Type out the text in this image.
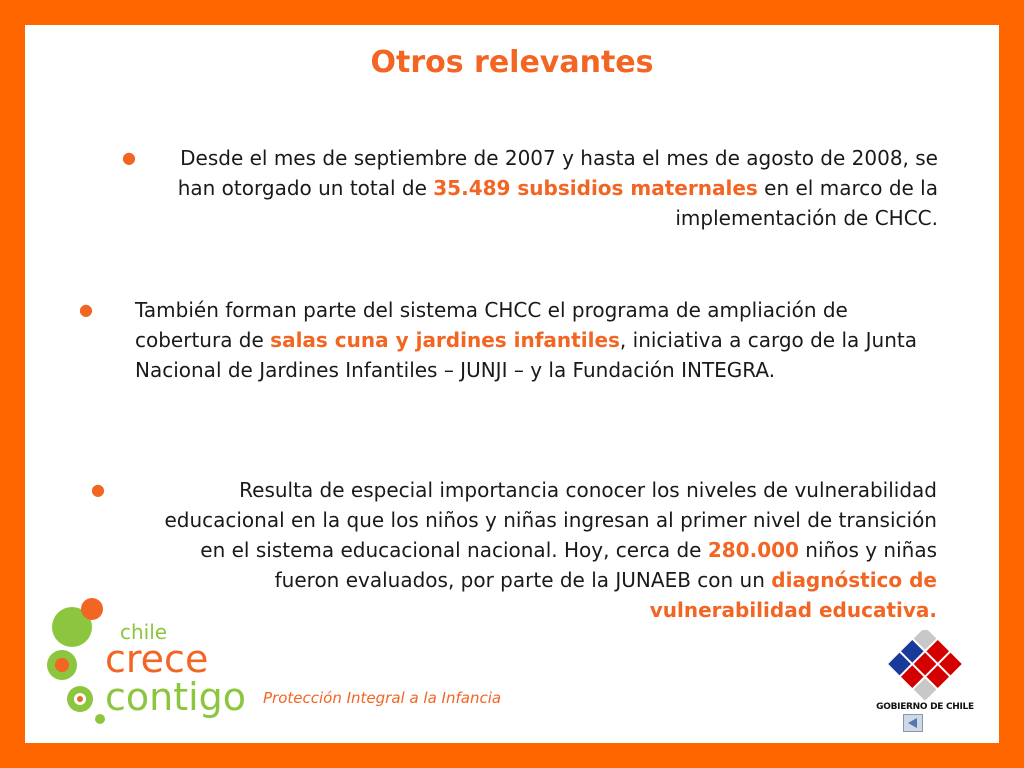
Otros relevantes

● Desde el mes de septiembre de 2007 y hasta el mes de agosto de 2008, se han otorgado un total de 35.489 subsidios maternales en el marco de la implementación de CHCC.

● También forman parte del sistema CHCC el programa de ampliación de cobertura de salas cuna y jardines infantiles, iniciativa a cargo de la Junta Nacional de Jardines Infantiles – JUNJI – y la Fundación INTEGRA.

●	Resulta de especial importancia conocer los niveles de vulnerabilidad educacional en la que los niños y niñas ingresan al primer nivel de transición en el sistema educacional nacional. Hoy, cerca de 280.000 niños y niñas fueron evaluados, por parte de la JUNAEB con un diagnóstico de vulnerabilidad educativa.

chile
crece
contigo Protección Integral a la Infancia	GOBIERNO DE CHILE
